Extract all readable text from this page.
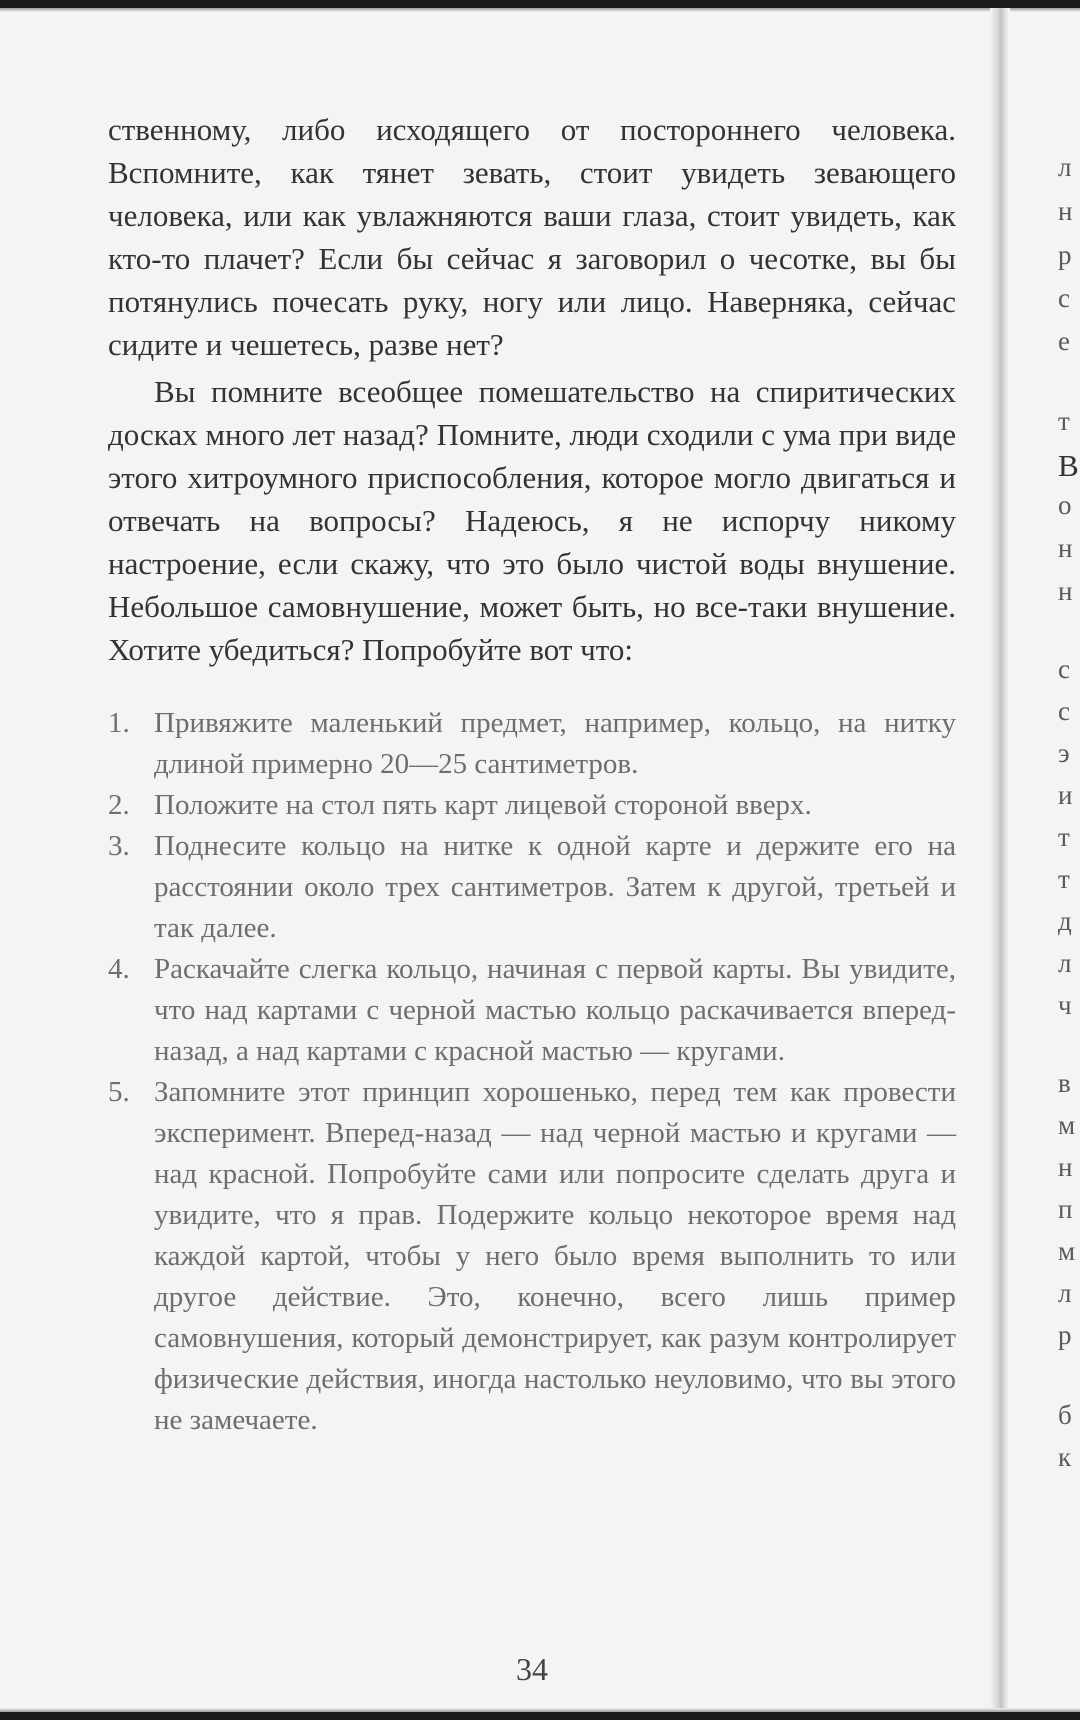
ственному, либо исходящего от постороннего человека. Вспомните, как тянет зевать, стоит увидеть зевающего человека, или как увлажняются ваши глаза, стоит увидеть, как кто-то плачет? Если бы сейчас я заговорил о чесотке, вы бы потянулись почесать руку, ногу или лицо. Наверняка, сейчас сидите и чешетесь, разве нет?

Вы помните всеобщее помешательство на спиритических досках много лет назад? Помните, люди сходили с ума при виде этого хитроумного приспособления, которое могло двигаться и отвечать на вопросы? Надеюсь, я не испорчу никому настроение, если скажу, что это было чистой воды внушение. Небольшое самовнушение, может быть, но все-таки внушение. Хотите убедиться? Попробуйте вот что:

1. Привяжите маленький предмет, например, кольцо, на нитку длиной примерно 20—25 сантиметров.
2. Положите на стол пять карт лицевой стороной вверх.
3. Поднесите кольцо на нитке к одной карте и держите его на расстоянии около трех сантиметров. Затем к другой, третьей и так далее.
4. Раскачайте слегка кольцо, начиная с первой карты. Вы увидите, что над картами с черной мастью кольцо раскачивается вперед-назад, а над картами с красной мастью — кругами.
5. Запомните этот принцип хорошенько, перед тем как провести эксперимент. Вперед-назад — над черной мастью и кругами — над красной. Попробуйте сами или попросите сделать друга и увидите, что я прав. Подержите кольцо некоторое время над каждой картой, чтобы у него было время выполнить то или другое действие. Это, конечно, всего лишь пример самовнушения, который демонстрирует, как разум контролирует физические действия, иногда настолько неуловимо, что вы этого не замечаете.
34
л
н
р
с
е
т
В
о
н
н
с
с
э
и
т
т
д
л
ч
в
м
н
п
м
л
р
б
к
